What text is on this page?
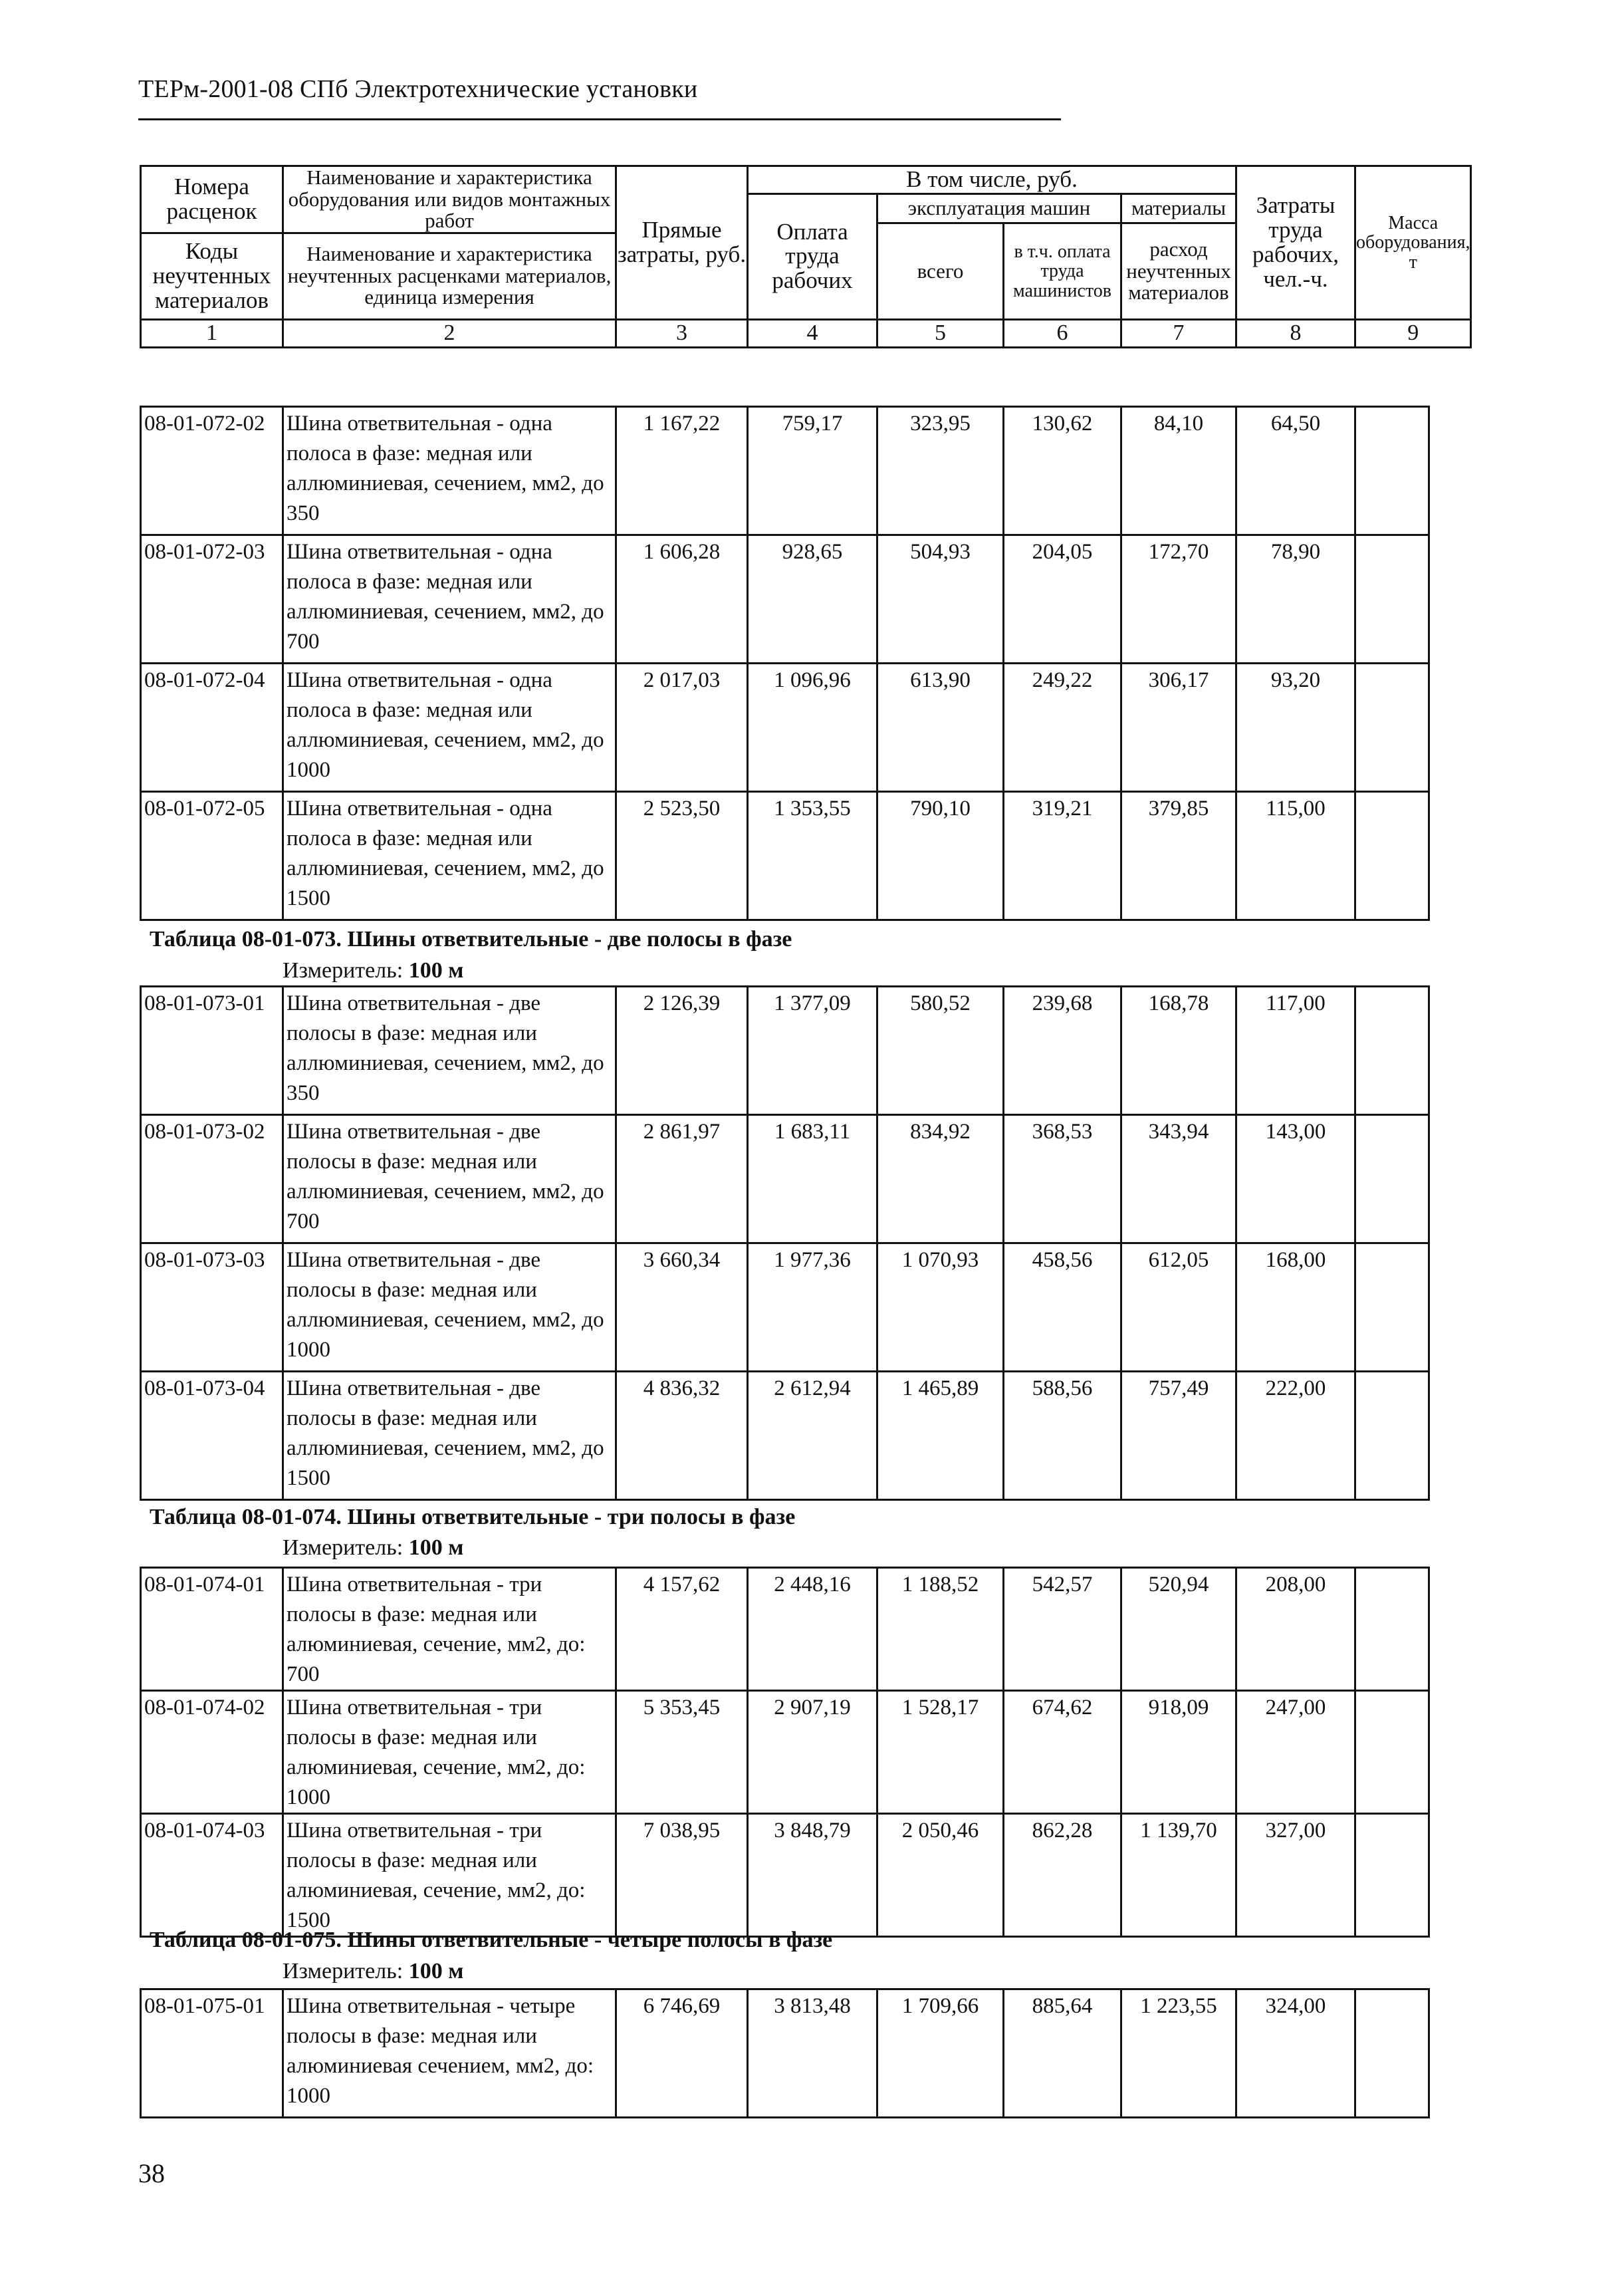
ТЕРм-2001-08 СПб Электротехнические установки
Номера расценок	Наименование и характеристика оборудования или видов монтажных работ	Прямые затраты, руб.	В том числе, руб.				Затраты труда рабочих, чел.-ч.	Масса оборудования, т
			Оплата труда рабочих	эксплуатация машин		материалы		
				всего	в т.ч. оплата труда машинистов	расход неучтенных материалов		
Коды неучтенных материалов	Наименование и характеристика неучтенных расценками материалов, единица измерения							

1	2	3	4	5	6	7	8	9
08-01-072-02	Шина ответвительная - одна полоса в фазе: медная или аллюминиевая, сечением, мм2, до 350	1 167,22	759,17	323,95	130,62	84,10	64,50	
08-01-072-03	Шина ответвительная - одна полоса в фазе: медная или аллюминиевая, сечением, мм2, до 700	1 606,28	928,65	504,93	204,05	172,70	78,90	
08-01-072-04	Шина ответвительная - одна полоса в фазе: медная или аллюминиевая, сечением, мм2, до 1000	2 017,03	1 096,96	613,90	249,22	306,17	93,20	
08-01-072-05	Шина ответвительная - одна полоса в фазе: медная или аллюминиевая, сечением, мм2, до 1500	2 523,50	1 353,55	790,10	319,21	379,85	115,00	
Таблица 08-01-073. Шины ответвительные - две полосы в фазе
Измеритель: 100 м
08-01-073-01	Шина ответвительная - две полосы в фазе: медная или аллюминиевая, сечением, мм2, до 350	2 126,39	1 377,09	580,52	239,68	168,78	117,00	
08-01-073-02	Шина ответвительная - две полосы в фазе: медная или аллюминиевая, сечением, мм2, до 700	2 861,97	1 683,11	834,92	368,53	343,94	143,00	
08-01-073-03	Шина ответвительная - две полосы в фазе: медная или аллюминиевая, сечением, мм2, до 1000	3 660,34	1 977,36	1 070,93	458,56	612,05	168,00	
08-01-073-04	Шина ответвительная - две полосы в фазе: медная или аллюминиевая, сечением, мм2, до 1500	4 836,32	2 612,94	1 465,89	588,56	757,49	222,00	
Таблица 08-01-074. Шины ответвительные - три полосы в фазе
Измеритель: 100 м
08-01-074-01	Шина ответвительная - три полосы в фазе: медная или алюминиевая, сечение, мм2, до: 700	4 157,62	2 448,16	1 188,52	542,57	520,94	208,00	
08-01-074-02	Шина ответвительная - три полосы в фазе: медная или алюминиевая, сечение, мм2, до: 1000	5 353,45	2 907,19	1 528,17	674,62	918,09	247,00	
08-01-074-03	Шина ответвительная - три полосы в фазе: медная или алюминиевая, сечение, мм2, до: 1500	7 038,95	3 848,79	2 050,46	862,28	1 139,70	327,00	
Таблица 08-01-075. Шины ответвительные - четыре полосы в фазе
Измеритель: 100 м
08-01-075-01	Шина ответвительная - четыре полосы в фазе: медная или алюминиевая сечением, мм2, до: 1000	6 746,69	3 813,48	1 709,66	885,64	1 223,55	324,00	
38
